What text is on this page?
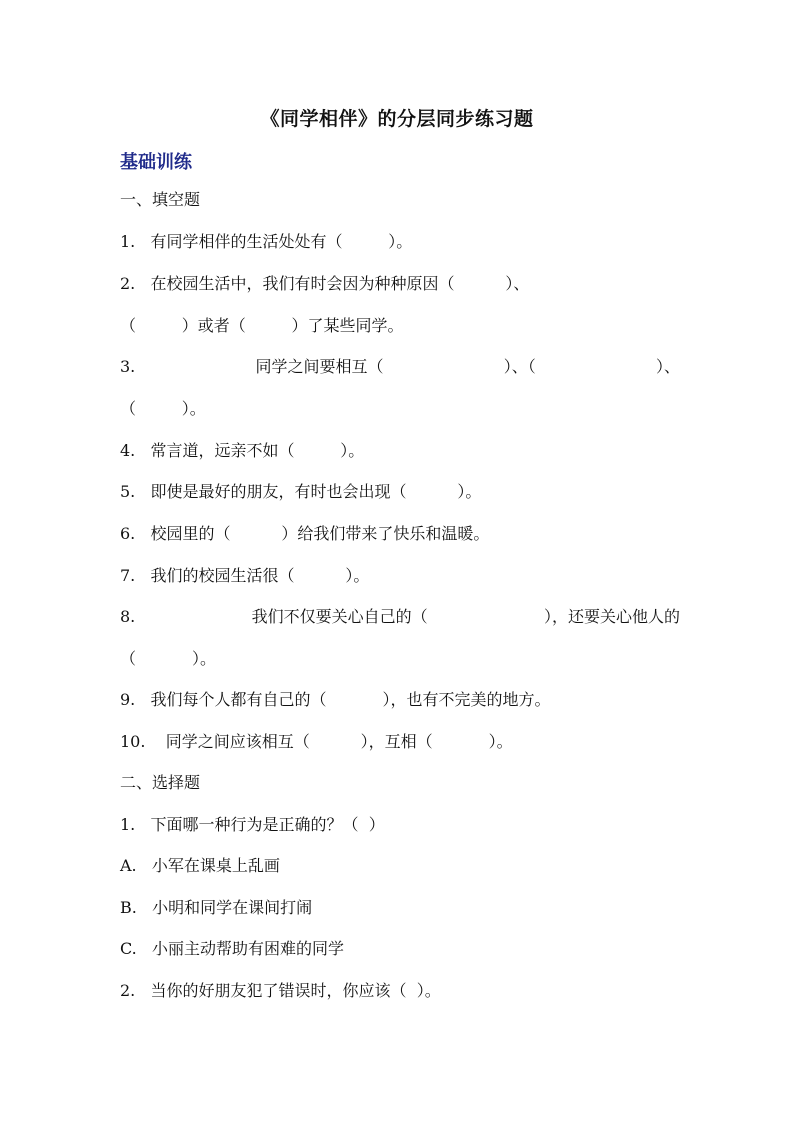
《同学相伴》的分层同步练习题
基础训练
一、填空题
1.   有同学相伴的生活处处有（         ）。
2.   在校园生活中，我们有时会因为种种原因（          ）、
（         ）或者（         ）了某些同学。
3.	同学之间要相互（	）、（	）、
（         ）。
4.   常言道，远亲不如（         ）。
5.   即使是最好的朋友，有时也会出现（          ）。
6.   校园里的（          ）给我们带来了快乐和温暖。
7.   我们的校园生活很（          ）。
8.	我们不仅要关心自己的（	），还要关心他人的
（           ）。
9.   我们每个人都有自己的（           ），也有不完美的地方。
10.    同学之间应该相互（          ），互相（           ）。
二、选择题
1.   下面哪一种行为是正确的？（  ）
A.   小军在课桌上乱画
B.   小明和同学在课间打闹
C.   小丽主动帮助有困难的同学
2.   当你的好朋友犯了错误时，你应该（  ）。
